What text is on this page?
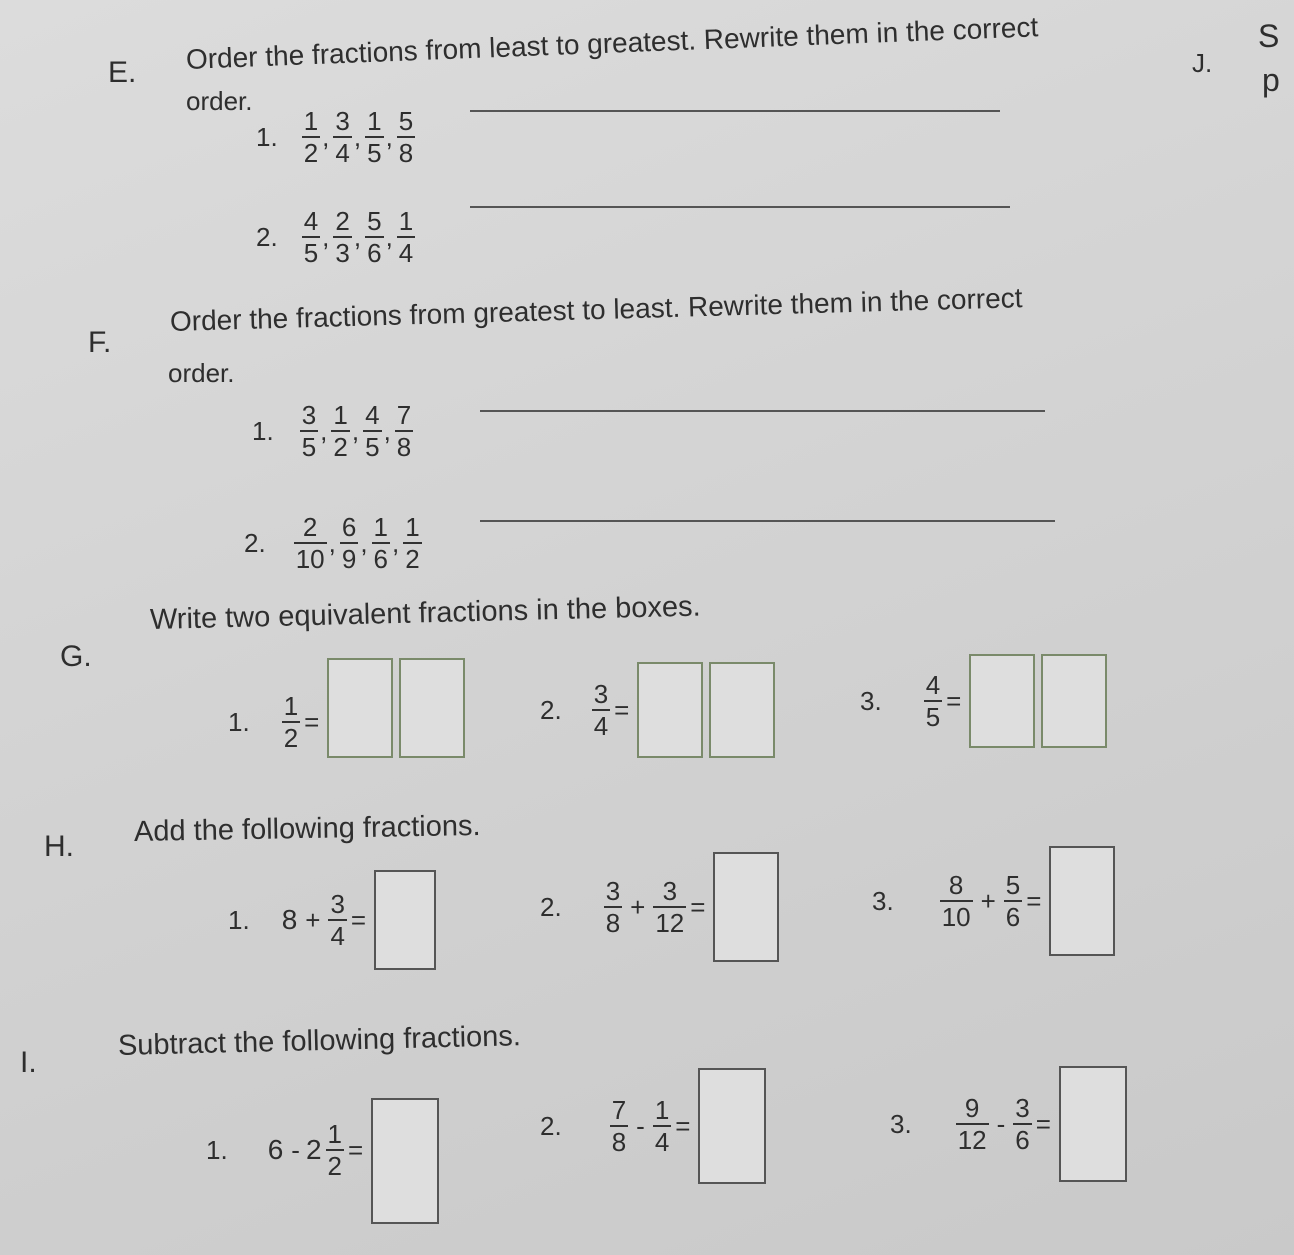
J.
S
p
E. Order the fractions from least to greatest. Rewrite them in the correct
order.
1. $\frac{1}{2}$ , $\frac{3}{4}$ , $\frac{1}{5}$ , $\frac{5}{8}$
2. $\frac{4}{5}$ , $\frac{2}{3}$ , $\frac{5}{6}$ , $\frac{1}{4}$
F.
Order the fractions from greatest to least. Rewrite them in the correct
order.
1. $\frac{3}{5}$ , $\frac{1}{2}$ , $\frac{4}{5}$ , $\frac{7}{8}$
2. $\frac{2}{10}$ , $\frac{6}{9}$ , $\frac{1}{6}$ , $\frac{1}{2}$
G.
Write two equivalent fractions in the boxes.
1. $\frac{1}{2}$ =	2. $\frac{3}{4}$ =	3. $\frac{4}{5}$ =
H. Add the following fractions.
1. $8 + \frac{3}{4}$ =	2. $\frac{3}{8} + \frac{3}{12}$ =	3. $\frac{8}{10} + \frac{5}{6}$ =
I.
Subtract the following fractions.
1. $6 - 2 \frac{1}{2}$ =
2. $\frac{7}{8} - \frac{1}{4}$ =	3. $\frac{9}{12} - \frac{3}{6}$ =
